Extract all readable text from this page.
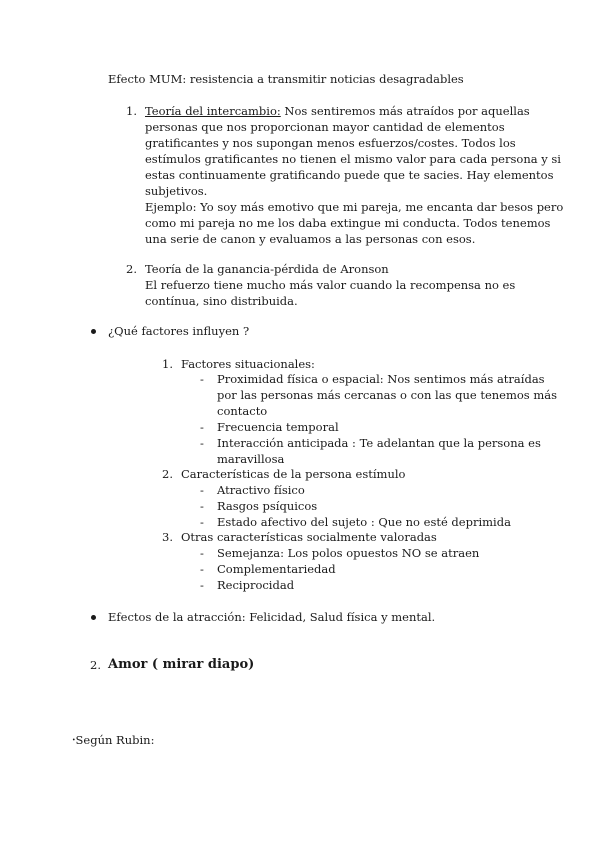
Efecto MUM: resistencia a transmitir noticias desagradables
1. Teoría del intercambio: Nos sentiremos más atraídos por aquellas
personas que nos proporcionan mayor cantidad de elementos
gratificantes y nos supongan menos esfuerzos/costes. Todos los
estímulos gratificantes no tienen el mismo valor para cada persona y si
estas continuamente gratificando puede que te sacies. Hay elementos
subjetivos.
Ejemplo: Yo soy más emotivo que mi pareja, me encanta dar besos pero
como mi pareja no me los daba extingue mi conducta. Todos tenemos
una serie de canon y evaluamos a las personas con esos.
2. Teoría de la ganancia-pérdida de Aronson
El refuerzo tiene mucho más valor cuando la recompensa no es
contínua, sino distribuida.
¿Qué factores influyen ?
1. Factores situacionales:
- Proximidad física o espacial: Nos sentimos más atraídas
por las personas más cercanas o con las que tenemos más
contacto
- Frecuencia temporal
- Interacción anticipada : Te adelantan que la persona es
maravillosa
2. Características de la persona estímulo
- Atractivo físico
- Rasgos psíquicos
- Estado afectivo del sujeto : Que no esté deprimida
3. Otras características socialmente valoradas
- Semejanza: Los polos opuestos NO se atraen
- Complementariedad
- Reciprocidad
Efectos de la atracción: Felicidad, Salud física y mental.
2. Amor ( mirar diapo)
•Según Rubin:
